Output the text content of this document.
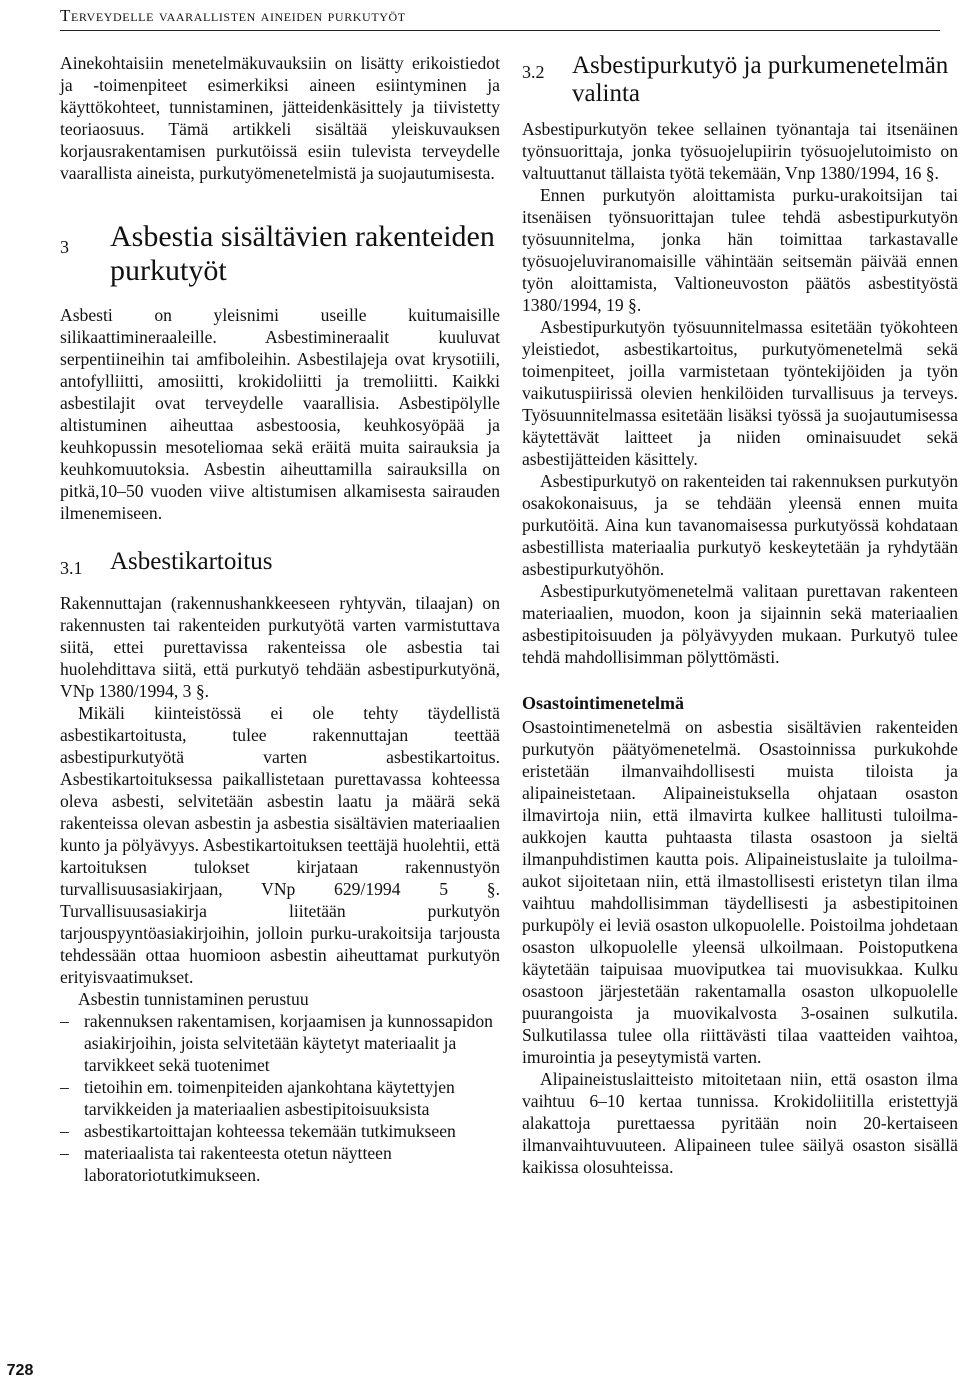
Terveydelle vaarallisten aineiden purkutyöt

Ainekohtaisiin menetelmäkuvauksiin on lisätty erikoistiedot ja -toimenpiteet esimerkiksi aineen esiintyminen ja käyttökohteet, tunnistaminen, jätteidenkäsittely ja tiivistetty teoriaosuus. Tämä artikkeli sisältää yleiskuvauksen korjausrakentamisen purkutöissä esiin tulevista terveydelle vaarallista aineista, purkutyömenetelmistä ja suojautumisesta.

3	Asbestia sisältävien rakenteiden purkutyöt

Asbesti on yleisnimi useille kuitumaisille silikaattimineraaleille. Asbestimineraalit kuuluvat serpentiineihin tai amfiboleihin. Asbestilajeja ovat krysotiili, antofylliitti, amosiitti, krokidoliitti ja tremoliitti. Kaikki asbestilajit ovat terveydelle vaarallisia. Asbestipölylle altistuminen aiheuttaa asbestoosia, keuhkosyöpää ja keuhkopussin mesoteliomaa sekä eräitä muita sairauksia ja keuhkomuutoksia. Asbestin aiheuttamilla sairauksilla on pitkä,10–50 vuoden viive altistumisen alkamisesta sairauden ilmenemiseen.

3.1	Asbestikartoitus

Rakennuttajan (rakennushankkeeseen ryhtyvän, tilaajan) on rakennusten tai rakenteiden purkutyötä varten varmistuttava siitä, ettei purettavissa rakenteissa ole asbestia tai huolehdittava siitä, että purkutyö tehdään asbestipurkutyönä, VNp 1380/1994, 3 §.

Mikäli kiinteistössä ei ole tehty täydellistä asbestikartoitusta, tulee rakennuttajan teettää asbestipurkutyötä varten asbestikartoitus. Asbestikartoituksessa paikallistetaan purettavassa kohteessa oleva asbesti, selvitetään asbestin laatu ja määrä sekä rakenteissa olevan asbestin ja asbestia sisältävien materiaalien kunto ja pölyävyys. Asbestikartoituksen teettäjä huolehtii, että kartoituksen tulokset kirjataan rakennustyön turvallisuusasiakirjaan, VNp 629/1994 5 §. Turvallisuusasiakirja liitetään purkutyön tarjouspyyntöasiakirjoihin, jolloin purku-urakoitsija tarjousta tehdessään ottaa huomioon asbestin aiheuttamat purkutyön erityisvaatimukset.

Asbestin tunnistaminen perustuu

– rakennuksen rakentamisen, korjaamisen ja kunnossapidon asiakirjoihin, joista selvitetään käytetyt materiaalit ja tarvikkeet sekä tuotenimet
– tietoihin em. toimenpiteiden ajankohtana käytettyjen tarvikkeiden ja materiaalien asbestipitoisuuksista
– asbestikartoittajan kohteessa tekemään tutkimukseen
– materiaalista tai rakenteesta otetun näytteen laboratoriotutkimukseen.
3.2	Asbestipurkutyö ja purkumenetelmän valinta

Asbestipurkutyön tekee sellainen työnantaja tai itsenäinen työnsuorittaja, jonka työsuojelupiirin työsuojelutoimisto on valtuuttanut tällaista työtä tekemään, Vnp 1380/1994, 16 §.

Ennen purkutyön aloittamista purku-urakoitsijan tai itsenäisen työnsuorittajan tulee tehdä asbestipurkutyön työsuunnitelma, jonka hän toimittaa tarkastavalle työsuojeluviranomaisille vähintään seitsemän päivää ennen työn aloittamista, Valtioneuvoston päätös asbestityöstä 1380/1994, 19 §.

Asbestipurkutyön työsuunnitelmassa esitetään työkohteen yleistiedot, asbestikartoitus, purkutyömenetelmä sekä toimenpiteet, joilla varmistetaan työntekijöiden ja työn vaikutuspiirissä olevien henkilöiden turvallisuus ja terveys. Työsuunnitelmassa esitetään lisäksi työssä ja suojautumisessa käytettävät laitteet ja niiden ominaisuudet sekä asbestijätteiden käsittely.

Asbestipurkutyö on rakenteiden tai rakennuksen purkutyön osakokonaisuus, ja se tehdään yleensä ennen muita purkutöitä. Aina kun tavanomaisessa purkutyössä kohdataan asbestillista materiaalia purkutyö keskeytetään ja ryhdytään asbestipurkutyöhön.

Asbestipurkutyömenetelmä valitaan purettavan rakenteen materiaalien, muodon, koon ja sijainnin sekä materiaalien asbestipitoisuuden ja pölyävyyden mukaan. Purkutyö tulee tehdä mahdollisimman pölyttömästi.

Osastointimenetelmä

Osastointimenetelmä on asbestia sisältävien rakenteiden purkutyön päätyömenetelmä. Osastoinnissa purkukohde eristetään ilmanvaihdollisesti muista tiloista ja alipaineistetaan. Alipaineistuksella ohjataan osaston ilmavirtoja niin, että ilmavirta kulkee hallitusti tuloilma-aukkojen kautta puhtaasta tilasta osastoon ja sieltä ilmanpuhdistimen kautta pois. Alipaineistuslaite ja tuloilma-aukot sijoitetaan niin, että ilmastollisesti eristetyn tilan ilma vaihtuu mahdollisimman täydellisesti ja asbestipitoinen purkupöly ei leviä osaston ulkopuolelle. Poistoilma johdetaan osaston ulkopuolelle yleensä ulkoilmaan. Poistoputkena käytetään taipuisaa muoviputkea tai muovisukkaa. Kulku osastoon järjestetään rakentamalla osaston ulkopuolelle puurangoista ja muovikalvosta 3-osainen sulkutila. Sulkutilassa tulee olla riittävästi tilaa vaatteiden vaihtoa, imurointia ja peseytymistä varten.

Alipaineistuslaitteisto mitoitetaan niin, että osaston ilma vaihtuu 6–10 kertaa tunnissa. Krokidoliitilla eristettyjä alakattoja purettaessa pyritään noin 20-kertaiseen ilmanvaihtuvuuteen. Alipaineen tulee säilyä osaston sisällä kaikissa olosuhteissa.

728
